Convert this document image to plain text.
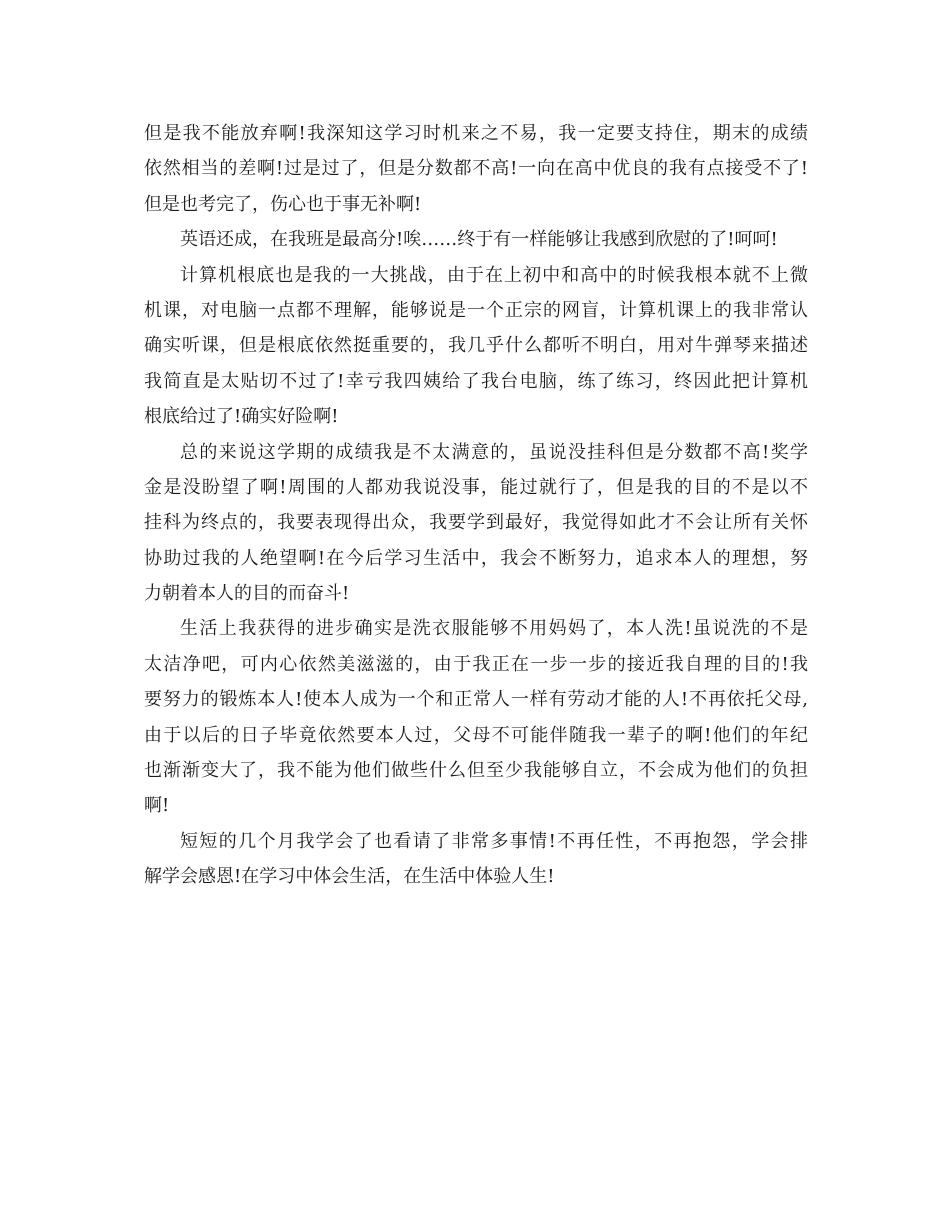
但是我不能放弃啊!我深知这学习时机来之不易，我一定要支持住，期末的成绩
依然相当的差啊!过是过了，但是分数都不高!一向在高中优良的我有点接受不了!
但是也考完了，伤心也于事无补啊!
英语还成，在我班是最高分!唉……终于有一样能够让我感到欣慰的了!呵呵!
计算机根底也是我的一大挑战，由于在上初中和高中的时候我根本就不上微
机课，对电脑一点都不理解，能够说是一个正宗的网盲，计算机课上的我非常认
确实听课，但是根底依然挺重要的，我几乎什么都听不明白，用对牛弹琴来描述
我简直是太贴切不过了!幸亏我四姨给了我台电脑，练了练习，终因此把计算机
根底给过了!确实好险啊!
总的来说这学期的成绩我是不太满意的，虽说没挂科但是分数都不高!奖学
金是没盼望了啊!周围的人都劝我说没事，能过就行了，但是我的目的不是以不
挂科为终点的，我要表现得出众，我要学到最好，我觉得如此才不会让所有关怀
协助过我的人绝望啊!在今后学习生活中，我会不断努力，追求本人的理想，努
力朝着本人的目的而奋斗!
生活上我获得的进步确实是洗衣服能够不用妈妈了，本人洗!虽说洗的不是
太洁净吧，可内心依然美滋滋的，由于我正在一步一步的接近我自理的目的!我
要努力的锻炼本人!使本人成为一个和正常人一样有劳动才能的人!不再依托父母,
由于以后的日子毕竟依然要本人过，父母不可能伴随我一辈子的啊!他们的年纪
也渐渐变大了，我不能为他们做些什么但至少我能够自立，不会成为他们的负担
啊!
短短的几个月我学会了也看请了非常多事情!不再任性，不再抱怨，学会排
解学会感恩!在学习中体会生活，在生活中体验人生!
